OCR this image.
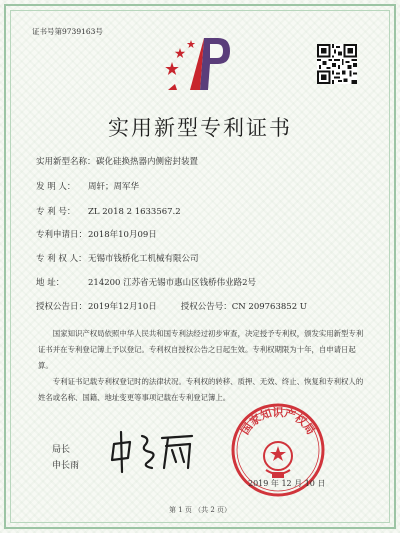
证书号第9739163号
实用新型专利证书
实用新型名称：碳化硅换热器内侧密封装置
发 明 人： 周轩；周军华
专 利 号： ZL 2018 2 1633567.2
专利申请日：2018年10月09日
专 利 权 人：无锡市钱桥化工机械有限公司
地 址：	214200 江苏省无锡市惠山区钱桥伟业路2号
授权公告日：2019年12月10日	授权公告号：CN 209763852 U

国家知识产权局依照中华人民共和国专利法经过初步审查，决定授予专利权，颁发实用新型专利证书并在专利登记簿上予以登记。专利权自授权公告之日起生效。专利权期限为十年，自申请日起算。

专利证书记载专利权登记时的法律状况。专利权的转移、质押、无效、终止、恢复和专利权人的姓名或名称、国籍、地址变更等事项记载在专利登记簿上。

局长
申长雨
国家知识产权局
2019 年 12 月 10 日
第 1 页 （共 2 页）
